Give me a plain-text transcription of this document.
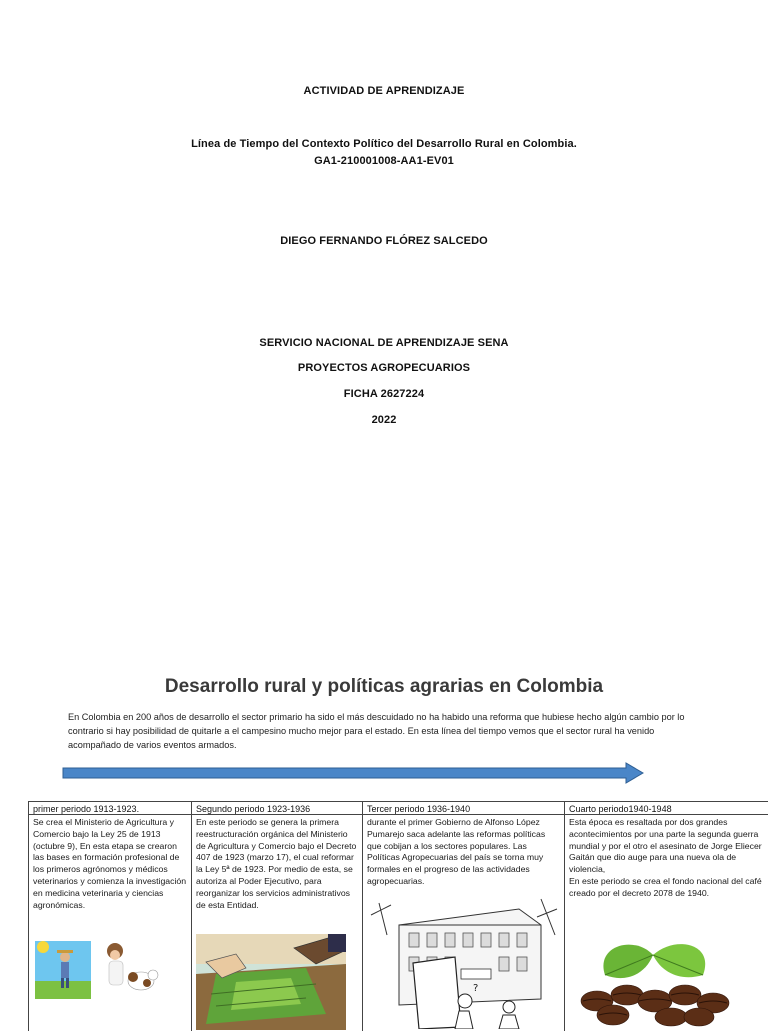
ACTIVIDAD DE APRENDIZAJE
Línea de Tiempo del Contexto Político del Desarrollo Rural en Colombia.
GA1-210001008-AA1-EV01
DIEGO FERNANDO FLÓREZ SALCEDO
SERVICIO NACIONAL DE APRENDIZAJE SENA
PROYECTOS AGROPECUARIOS
FICHA 2627224
2022
Desarrollo rural y políticas agrarias en Colombia
En Colombia en 200 años de desarrollo el sector primario ha sido el más descuidado no ha habido una reforma que hubiese hecho algún cambio por lo contrario si hay posibilidad de quitarle a el campesino mucho mejor para el estado. En esta línea del tiempo vemos que el sector rural ha venido acompañado de varios eventos armados.
primer periodo 1913-1923.
Se crea el Ministerio de Agricultura y Comercio bajo la Ley 25 de 1913 (octubre 9), En esta etapa se crearon las bases en formación profesional de los primeros agrónomos y médicos veterinarios y comienza la investigación en medicina veterinaria y ciencias agronómicas.
Segundo periodo 1923-1936
En este periodo se genera la primera reestructuración orgánica del Ministerio de Agricultura y Comercio bajo el Decreto 407 de 1923 (marzo 17), el cual reformar la Ley 5ª de 1923. Por medio de esta, se autoriza al Poder Ejecutivo, para reorganizar los servicios administrativos de esta Entidad.
Tercer periodo 1936-1940
durante el primer Gobierno de Alfonso López Pumarejo saca adelante las reformas políticas que cobijan a los sectores populares. Las Políticas Agropecuarias del país se torna muy formales en el progreso de las actividades agropecuarias.
?
Cuarto periodo1940-1948
Esta época es resaltada por dos grandes acontecimientos por una parte la segunda guerra mundial y por el otro el asesinato de Jorge Eliecer Gaitán que dio auge para una nueva ola de violencia,
En este periodo se crea el fondo nacional del café creado por el decreto 2078 de 1940.
